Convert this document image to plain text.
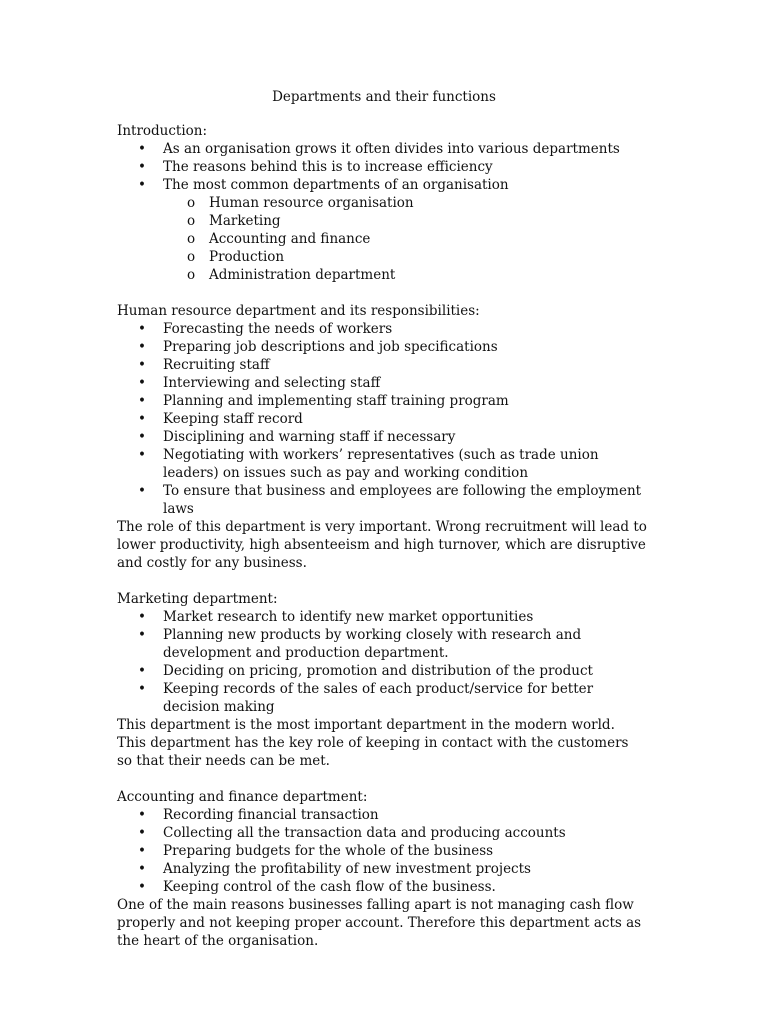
Departments and their functions

Introduction:

• As an organisation grows it often divides into various departments
• The reasons behind this is to increase efficiency
• The most common departments of an organisation
o Human resource organisation
o Marketing
o Accounting and finance
o Production
o Administration department

Human resource department and its responsibilities:

• Forecasting the needs of workers
• Preparing job descriptions and job specifications
• Recruiting staff
• Interviewing and selecting staff
• Planning and implementing staff training program
• Keeping staff record
• Disciplining and warning staff if necessary
• Negotiating with workers’ representatives (such as trade union leaders) on issues such as pay and working condition
• To ensure that business and employees are following the employment laws

The role of this department is very important. Wrong recruitment will lead to lower productivity, high absenteeism and high turnover, which are disruptive and costly for any business.

Marketing department:

• Market research to identify new market opportunities
• Planning new products by working closely with research and development and production department.
• Deciding on pricing, promotion and distribution of the product
• Keeping records of the sales of each product/service for better decision making

This department is the most important department in the modern world. This department has the key role of keeping in contact with the customers so that their needs can be met.

Accounting and finance department:

• Recording financial transaction
• Collecting all the transaction data and producing accounts
• Preparing budgets for the whole of the business
• Analyzing the profitability of new investment projects
• Keeping control of the cash flow of the business.

One of the main reasons businesses falling apart is not managing cash flow properly and not keeping proper account. Therefore this department acts as the heart of the organisation.
